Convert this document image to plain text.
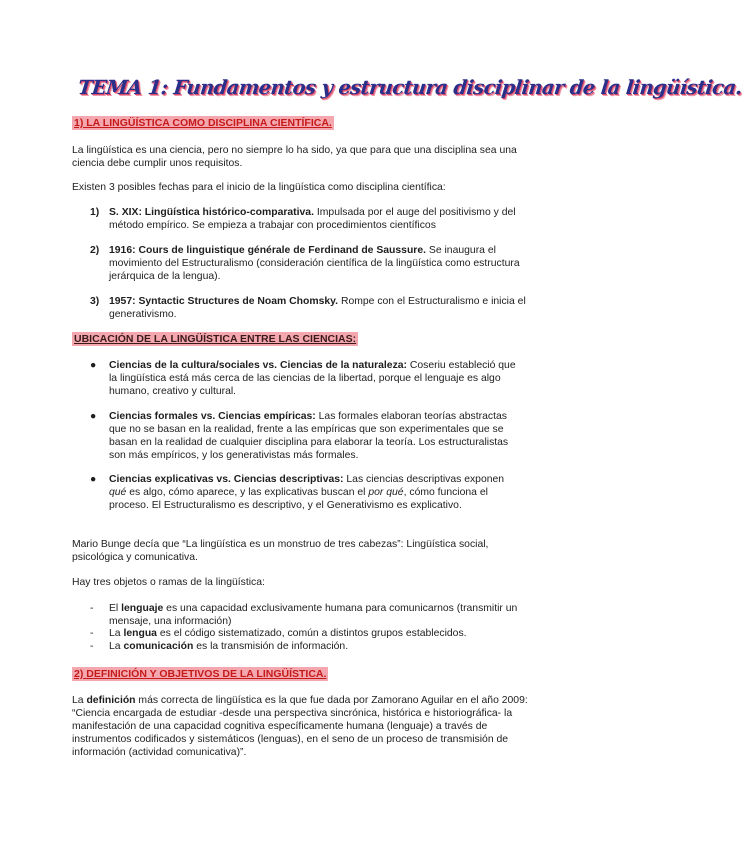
TEMA 1: Fundamentos y estructura disciplinar de la lingüística.
1) LA LINGÜÍSTICA COMO DISCIPLINA CIENTÍFICA.

La lingüística es una ciencia, pero no siempre lo ha sido, ya que para que una disciplina sea una ciencia debe cumplir unos requisitos.

Existen 3 posibles fechas para el inicio de la lingüística como disciplina científica:

1) S. XIX: Lingüística histórico-comparativa. Impulsada por el auge del positivismo y del método empírico. Se empieza a trabajar con procedimientos científicos

2) 1916: Cours de linguistique générale de Ferdinand de Saussure. Se inaugura el movimiento del Estructuralismo (consideración científica de la lingüística como estructura jerárquica de la lengua).

3) 1957: Syntactic Structures de Noam Chomsky. Rompe con el Estructuralismo e inicia el generativismo.

UBICACIÓN DE LA LINGÜÍSTICA ENTRE LAS CIENCIAS:
● Ciencias de la cultura/sociales vs. Ciencias de la naturaleza: Coseriu estableció que la lingüística está más cerca de las ciencias de la libertad, porque el lenguaje es algo humano, creativo y cultural.

● Ciencias formales vs. Ciencias empíricas: Las formales elaboran teorías abstractas que no se basan en la realidad, frente a las empíricas que son experimentales que se basan en la realidad de cualquier disciplina para elaborar la teoría. Los estructuralistas son más empíricos, y los generativistas más formales.

● Ciencias explicativas vs. Ciencias descriptivas: Las ciencias descriptivas exponen qué es algo, cómo aparece, y las explicativas buscan el por qué, cómo funciona el proceso. El Estructuralismo es descriptivo, y el Generativismo es explicativo.

Mario Bunge decía que “La lingüística es un monstruo de tres cabezas”: Lingüística social, psicológica y comunicativa.

Hay tres objetos o ramas de la lingüística:

- El lenguaje es una capacidad exclusivamente humana para comunicarnos (transmitir un mensaje, una información)

- La lengua es el código sistematizado, común a distintos grupos establecidos.

- La comunicación es la transmisión de información.

2) DEFINICIÓN Y OBJETIVOS DE LA LINGÜÍSTICA.

La definición más correcta de lingüística es la que fue dada por Zamorano Aguilar en el año 2009: “Ciencia encargada de estudiar -desde una perspectiva sincrónica, histórica e historiográfica- la manifestación de una capacidad cognitiva específicamente humana (lenguaje) a través de instrumentos codificados y sistemáticos (lenguas), en el seno de un proceso de transmisión de información (actividad comunicativa)”.
